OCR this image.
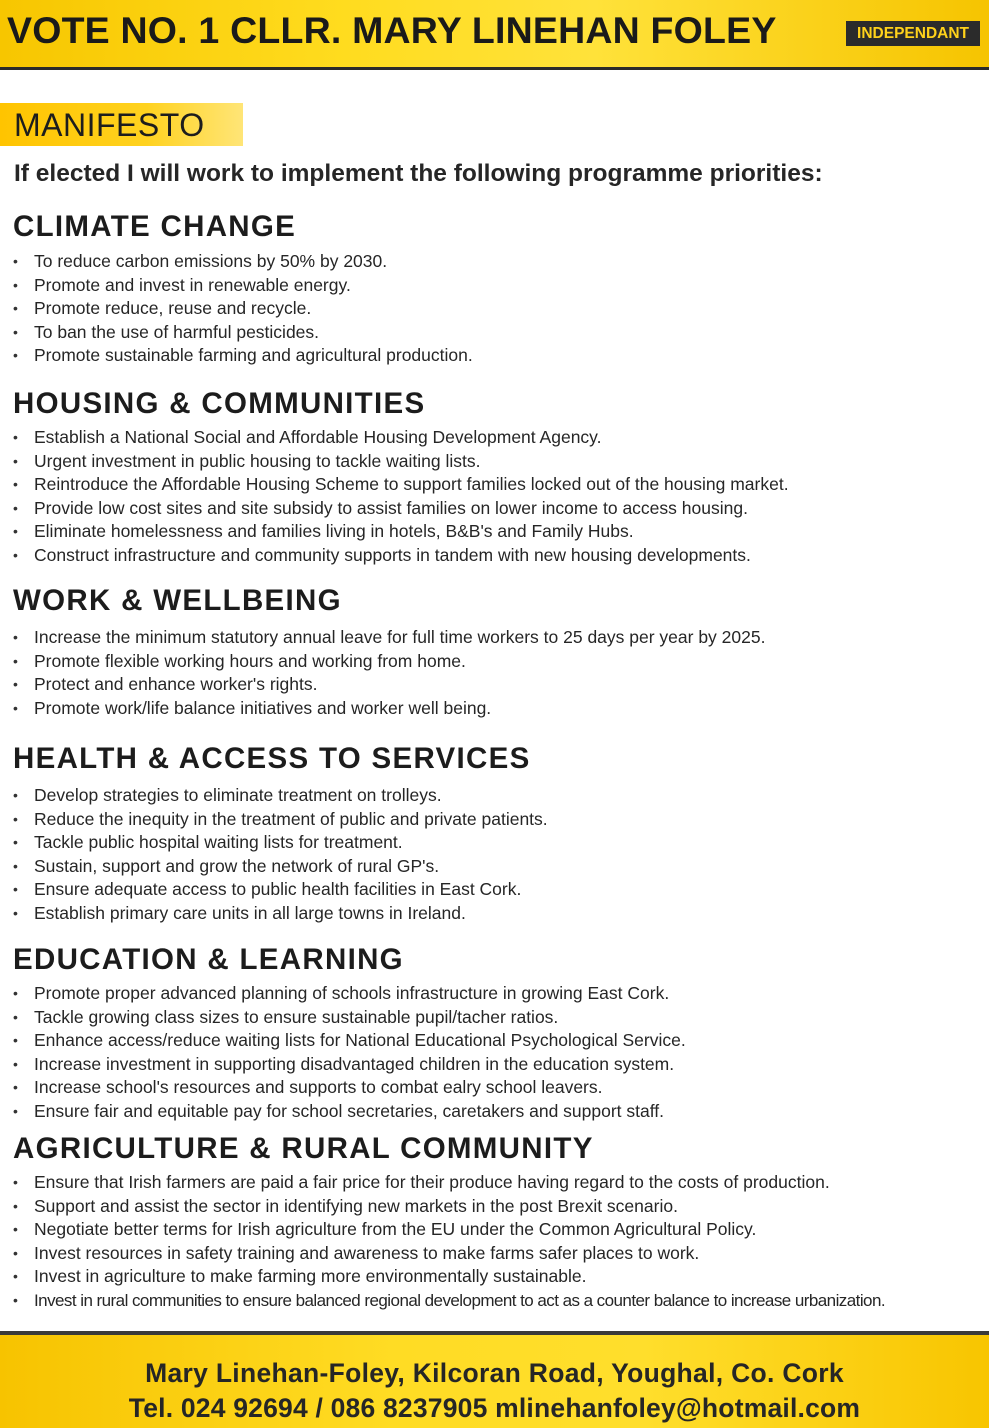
VOTE NO. 1 CLLR. MARY LINEHAN FOLEY	INDEPENDANT
MANIFESTO
If elected I will work to implement the following programme priorities:
CLIMATE CHANGE
• To reduce carbon emissions by 50% by 2030.
• Promote and invest in renewable energy.
• Promote reduce, reuse and recycle.
• To ban the use of harmful pesticides.
• Promote sustainable farming and agricultural production.
HOUSING & COMMUNITIES
• Establish a National Social and Affordable Housing Development Agency.
• Urgent investment in public housing to tackle waiting lists.
• Reintroduce the Affordable Housing Scheme to support families locked out of the housing market.
• Provide low cost sites and site subsidy to assist families on lower income to access housing.
• Eliminate homelessness and families living in hotels, B&B's and Family Hubs.
• Construct infrastructure and community supports in tandem with new housing developments.
WORK & WELLBEING
• Increase the minimum statutory annual leave for full time workers to 25 days per year by 2025.
• Promote flexible working hours and working from home.
• Protect and enhance worker's rights.
• Promote work/life balance initiatives and worker well being.
HEALTH & ACCESS TO SERVICES
• Develop strategies to eliminate treatment on trolleys.
• Reduce the inequity in the treatment of public and private patients.
• Tackle public hospital waiting lists for treatment.
• Sustain, support and grow the network of rural GP's.
• Ensure adequate access to public health facilities in East Cork.
• Establish primary care units in all large towns in Ireland.
EDUCATION & LEARNING
• Promote proper advanced planning of schools infrastructure in growing East Cork.
• Tackle growing class sizes to ensure sustainable pupil/tacher ratios.
• Enhance access/reduce waiting lists for National Educational Psychological Service.
• Increase investment in supporting disadvantaged children in the education system.
• Increase school's resources and supports to combat ealry school leavers.
• Ensure fair and equitable pay for school secretaries, caretakers and support staff.
AGRICULTURE & RURAL COMMUNITY
• Ensure that Irish farmers are paid a fair price for their produce having regard to the costs of production.
• Support and assist the sector in identifying new markets in the post Brexit scenario.
• Negotiate better terms for Irish agriculture from the EU under the Common Agricultural Policy.
• Invest resources in safety training and awareness to make farms safer places to work.
• Invest in agriculture to make farming more environmentally sustainable.
• Invest in rural communities to ensure balanced regional development to act as a counter balance to increase urbanization.
Mary Linehan-Foley, Kilcoran Road, Youghal, Co. Cork
Tel. 024 92694 / 086 8237905 mlinehanfoley@hotmail.com
